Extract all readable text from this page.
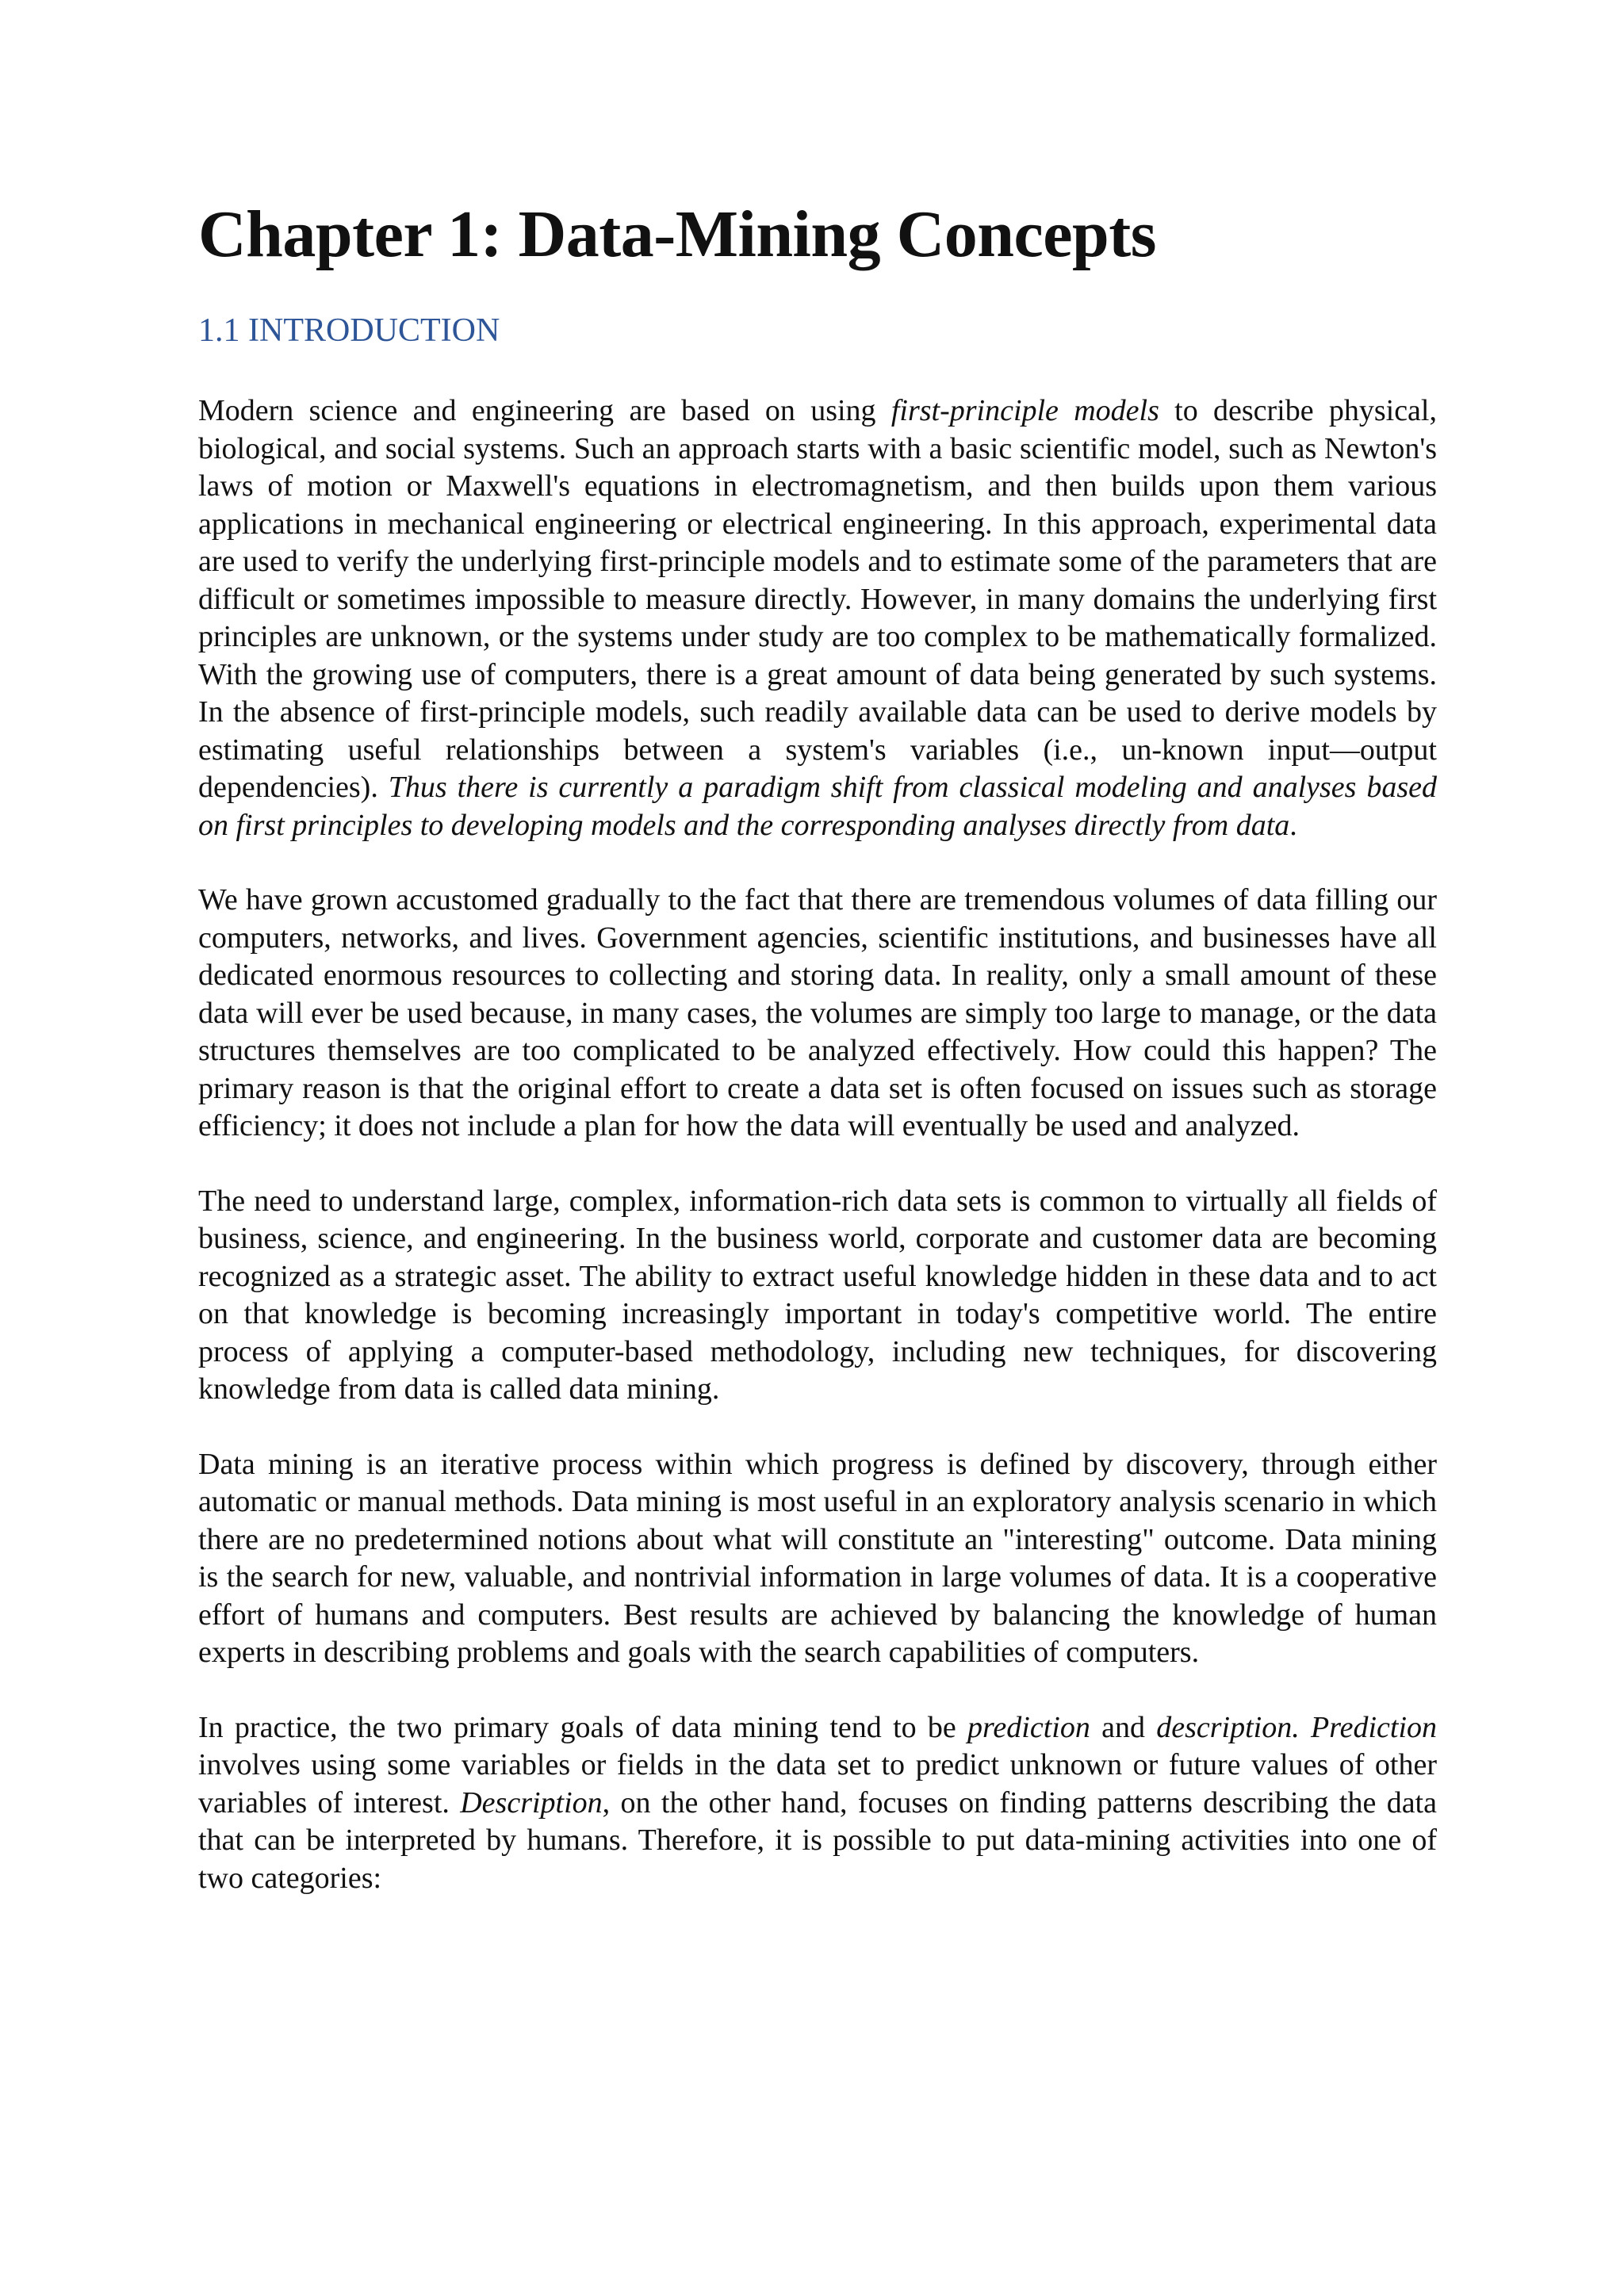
Chapter 1: Data-Mining Concepts
1.1 INTRODUCTION

Modern science and engineering are based on using first-principle models to describe physical, biological, and social systems. Such an approach starts with a basic scientific model, such as Newton's laws of motion or Maxwell's equations in electromagnetism, and then builds upon them various applications in mechanical engineering or electrical engineering. In this approach, experimental data are used to verify the underlying first-principle models and to estimate some of the parameters that are difficult or sometimes impossible to measure directly. However, in many domains the underlying first principles are unknown, or the systems under study are too complex to be mathematically formalized. With the growing use of computers, there is a great amount of data being generated by such systems. In the absence of first-principle models, such readily available data can be used to derive models by estimating useful relationships between a system's variables (i.e., un-known input—output dependencies). Thus there is currently a paradigm shift from classical modeling and analyses based on first principles to developing models and the corresponding analyses directly from data.

We have grown accustomed gradually to the fact that there are tremendous volumes of data filling our computers, networks, and lives. Government agencies, scientific institutions, and businesses have all dedicated enormous resources to collecting and storing data. In reality, only a small amount of these data will ever be used because, in many cases, the volumes are simply too large to manage, or the data structures themselves are too complicated to be analyzed effectively. How could this happen? The primary reason is that the original effort to create a data set is often focused on issues such as storage efficiency; it does not include a plan for how the data will eventually be used and analyzed.

The need to understand large, complex, information-rich data sets is common to virtually all fields of business, science, and engineering. In the business world, corporate and customer data are becoming recognized as a strategic asset. The ability to extract useful knowledge hidden in these data and to act on that knowledge is becoming increasingly important in today's competitive world. The entire process of applying a computer-based methodology, including new techniques, for discovering knowledge from data is called data mining.

Data mining is an iterative process within which progress is defined by discovery, through either automatic or manual methods. Data mining is most useful in an exploratory analysis scenario in which there are no predetermined notions about what will constitute an "interesting" outcome. Data mining is the search for new, valuable, and nontrivial information in large volumes of data. It is a cooperative effort of humans and computers. Best results are achieved by balancing the knowledge of human experts in describing problems and goals with the search capabilities of computers.

In practice, the two primary goals of data mining tend to be prediction and description. Prediction involves using some variables or fields in the data set to predict unknown or future values of other variables of interest. Description, on the other hand, focuses on finding patterns describing the data that can be interpreted by humans. Therefore, it is possible to put data-mining activities into one of two categories:
